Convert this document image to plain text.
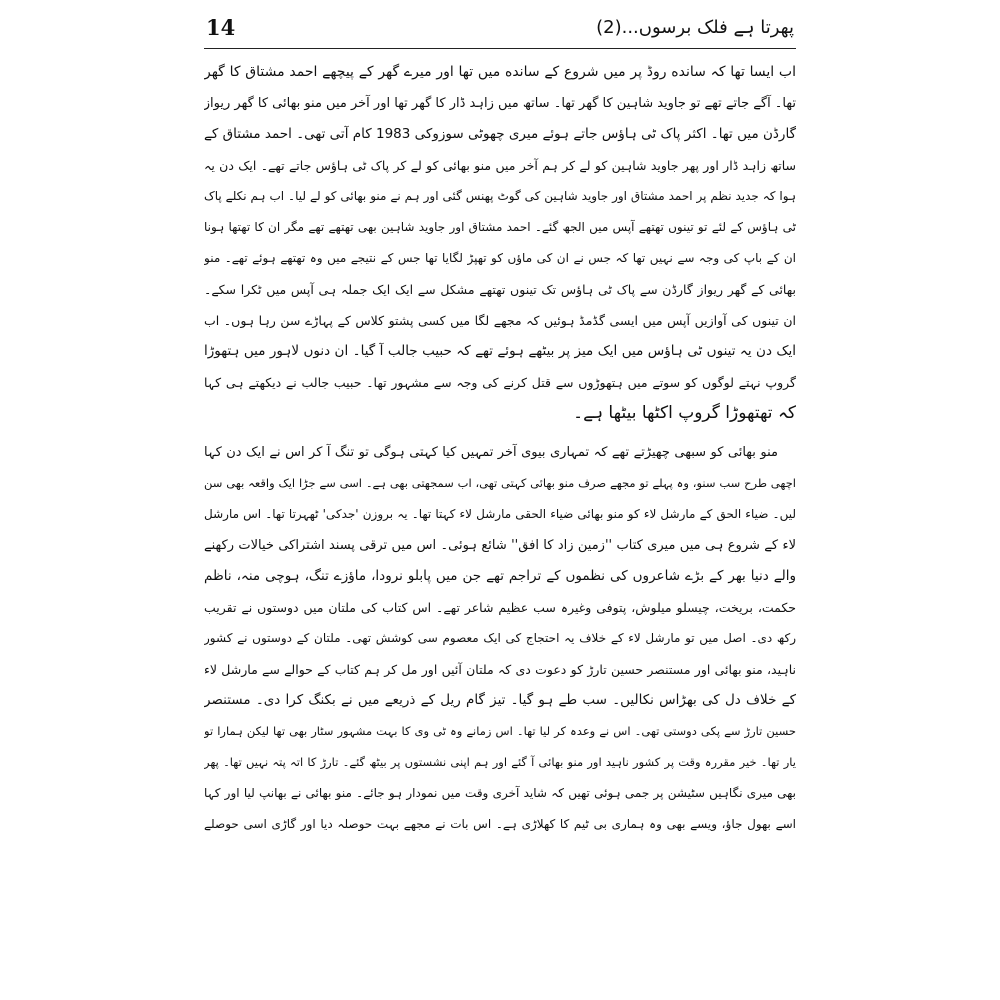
14	پھرتا ہے فلک برسوں...(2)
اب ایسا تھا کہ سانده روڈ پر میں شروع کے سانده میں تھا اور میرے گھر کے پیچھے احمد مشتاق کا گھر
تھا۔ آگے جاتے تھے تو جاوید شاہین کا گھر تھا۔ ساتھ میں زاہد ڈار کا گھر تھا اور آخر میں منو بھائی کا گھر ریواز
گارڈن میں تھا۔ اکثر پاک ٹی ہاؤس جاتے ہوئے میری چھوٹی سوزوکی 1983 کام آتی تھی۔ احمد مشتاق کے
ساتھ زاہد ڈار اور پھر جاوید شاہین کو لے کر ہم آخر میں منو بھائی کو لے کر پاک ٹی ہاؤس جاتے تھے۔ ایک دن یہ
ہوا کہ جدید نظم پر احمد مشتاق اور جاوید شاہین کی گوٹ پھنس گئی اور ہم نے منو بھائی کو لے لیا۔ اب ہم نکلے پاک
ٹی ہاؤس کے لئے تو تینوں تھتھے آپس میں الجھ گئے۔ احمد مشتاق اور جاوید شاہین بھی تھتھے تھے مگر ان کا تھتھا ہونا
ان کے باپ کی وجہ سے نہیں تھا کہ جس نے ان کی ماؤں کو تھپڑ لگایا تھا جس کے نتیجے میں وہ تھتھے ہوئے تھے۔ منو
بھائی کے گھر ریواز گارڈن سے پاک ٹی ہاؤس تک تینوں تھتھے مشکل سے ایک ایک جملہ ہی آپس میں ٹکرا سکے۔
ان تینوں کی آوازیں آپس میں ایسی گڈمڈ ہوئیں کہ مجھے لگا میں کسی پشتو کلاس کے پہاڑے سن رہا ہوں۔ اب
ایک دن یہ تینوں ٹی ہاؤس میں ایک میز پر بیٹھے ہوئے تھے کہ حبیب جالب آ گیا۔ ان دنوں لاہور میں ہتھوڑا
گروپ نہتے لوگوں کو سوتے میں ہتھوڑوں سے قتل کرنے کی وجہ سے مشہور تھا۔ حبیب جالب نے دیکھتے ہی کہا
کہ تھتھوڑا گروپ اکٹھا بیٹھا ہے۔
منو بھائی کو سبھی چھیڑتے تھے کہ تمہاری بیوی آخر تمہیں کیا کہتی ہوگی تو تنگ آ کر اس نے ایک دن کہا
اچھی طرح سب سنو، وہ پہلے تو مجھے صرف منو بھائی کہتی تھی، اب سمجھتی بھی ہے۔ اسی سے جڑا ایک واقعہ بھی سن
لیں۔ ضیاء الحق کے مارشل لاء کو منو بھائی ضیاء الحقی مارشل لاء کہتا تھا۔ یہ بروزن 'جدکی' ٹھہرتا تھا۔ اس مارشل
لاء کے شروع ہی میں میری کتاب ''زمین زاد کا افق'' شائع ہوئی۔ اس میں ترقی پسند اشتراکی خیالات رکھنے
والے دنیا بھر کے بڑے شاعروں کی نظموں کے تراجم تھے جن میں پابلو نرودا، ماؤزے تنگ، ہوچی منہ، ناظم
حکمت، بریخت، چیسلو میلوش، پتوفی وغیرہ سب عظیم شاعر تھے۔ اس کتاب کی ملتان میں دوستوں نے تقریب
رکھ دی۔ اصل میں تو مارشل لاء کے خلاف یہ احتجاج کی ایک معصوم سی کوشش تھی۔ ملتان کے دوستوں نے کشور
ناہید، منو بھائی اور مستنصر حسین تارڑ کو دعوت دی کہ ملتان آئیں اور مل کر ہم کتاب کے حوالے سے مارشل لاء
کے خلاف دل کی بھڑاس نکالیں۔ سب طے ہو گیا۔ تیز گام ریل کے ذریعے میں نے بکنگ کرا دی۔ مستنصر
حسین تارڑ سے پکی دوستی تھی۔ اس نے وعدہ کر لیا تھا۔ اس زمانے وہ ٹی وی کا بہت مشہور سٹار بھی تھا لیکن ہمارا تو
یار تھا۔ خیر مقررہ وقت پر کشور ناہید اور منو بھائی آ گئے اور ہم اپنی نشستوں پر بیٹھ گئے۔ تارڑ کا اتہ پتہ نہیں تھا۔ پھر
بھی میری نگاہیں سٹیشن پر جمی ہوئی تھیں کہ شاید آخری وقت میں نمودار ہو جائے۔ منو بھائی نے بھانپ لیا اور کہا
اسے بھول جاؤ، ویسے بھی وہ ہماری بی ٹیم کا کھلاڑی ہے۔ اس بات نے مجھے بہت حوصلہ دیا اور گاڑی اسی حوصلے
